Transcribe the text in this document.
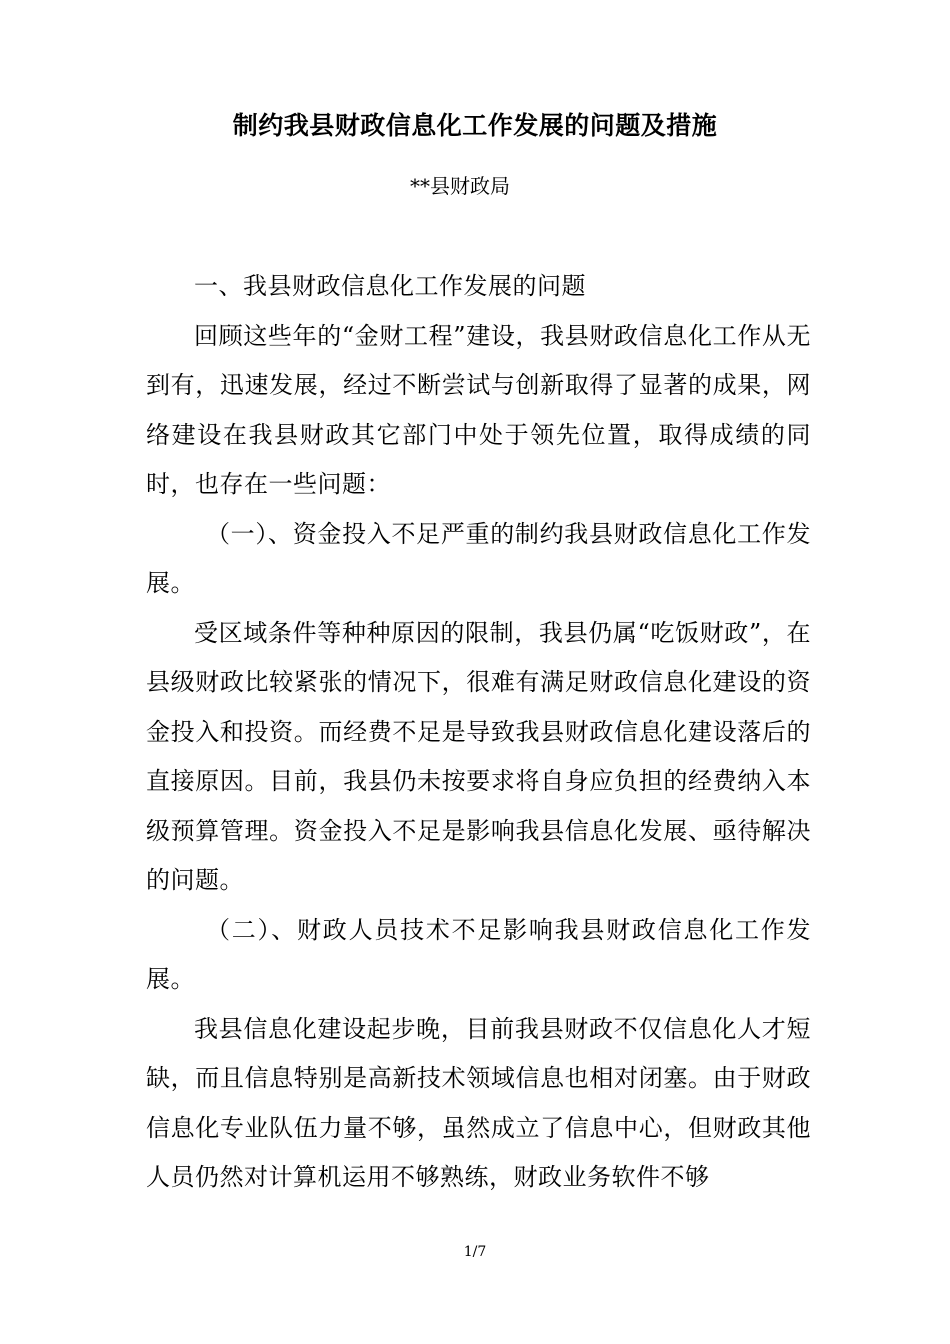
制约我县财政信息化工作发展的问题及措施
**县财政局

一、我县财政信息化工作发展的问题

回顾这些年的“金财工程”建设，我县财政信息化工作从无到有，迅速发展，经过不断尝试与创新取得了显著的成果，网络建设在我县财政其它部门中处于领先位置，取得成绩的同时，也存在一些问题：

（一）、资金投入不足严重的制约我县财政信息化工作发展。

受区域条件等种种原因的限制，我县仍属“吃饭财政”，在县级财政比较紧张的情况下，很难有满足财政信息化建设的资金投入和投资。而经费不足是导致我县财政信息化建设落后的直接原因。目前，我县仍未按要求将自身应负担的经费纳入本级预算管理。资金投入不足是影响我县信息化发展、亟待解决的问题。

（二）、财政人员技术不足影响我县财政信息化工作发展。

我县信息化建设起步晚，目前我县财政不仅信息化人才短缺，而且信息特别是高新技术领域信息也相对闭塞。由于财政信息化专业队伍力量不够，虽然成立了信息中心，但财政其他人员仍然对计算机运用不够熟练，财政业务软件不够

1/7
